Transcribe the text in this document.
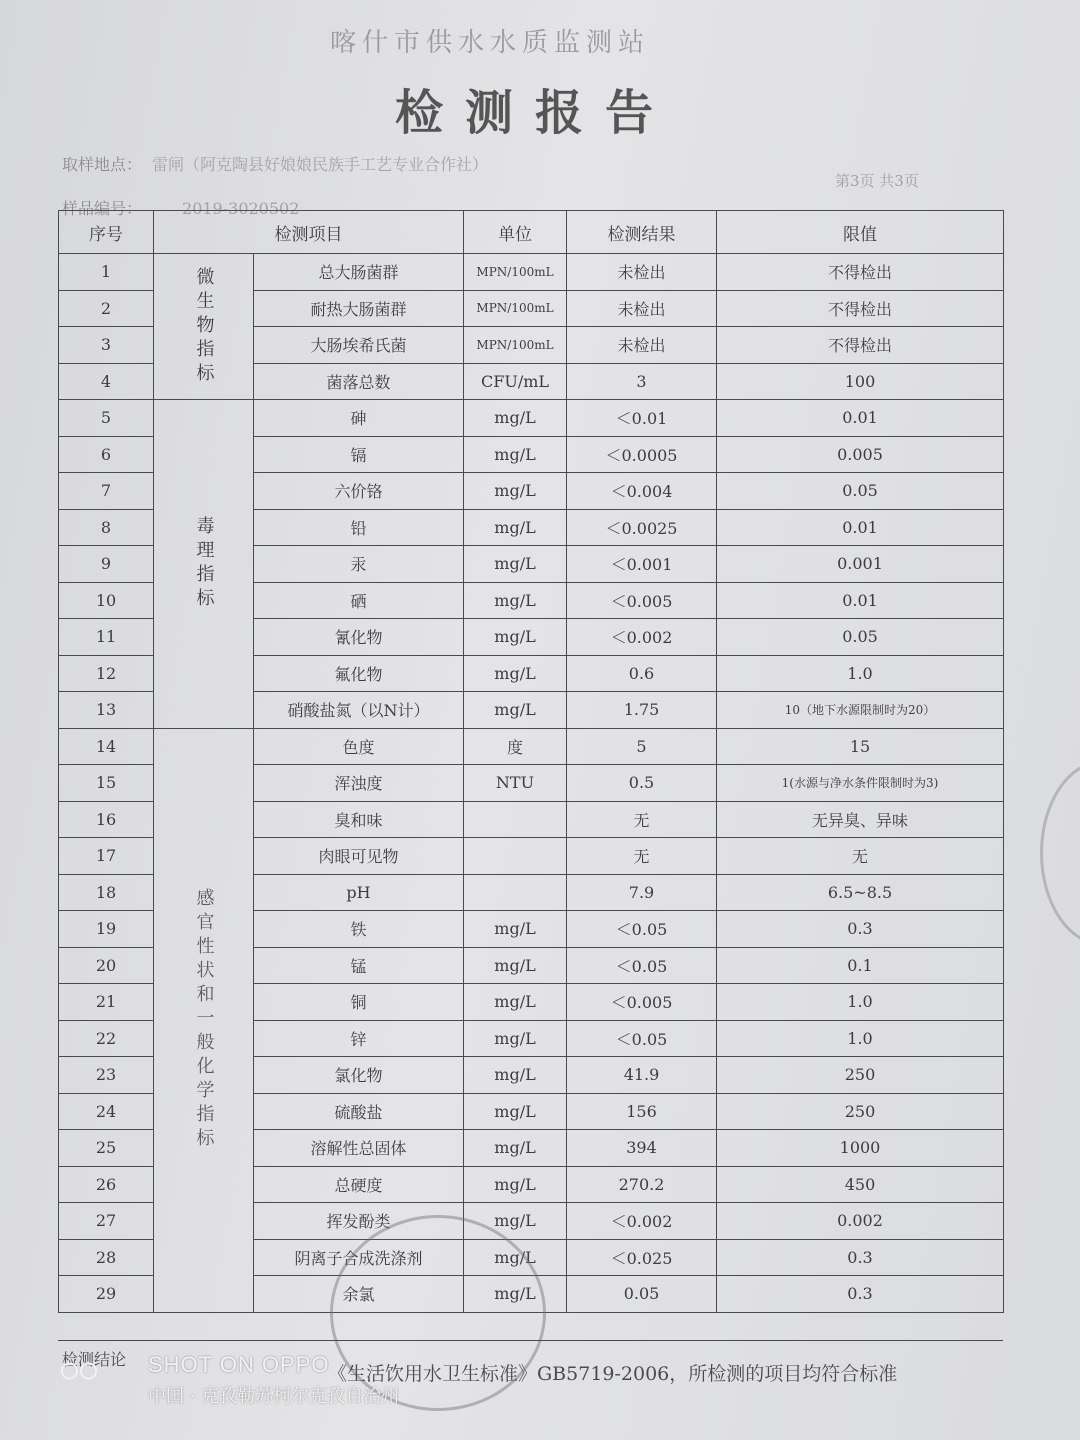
喀什市供水水质监测站
检测报告
取样地点： 雷闸（阿克陶县好娘娘民族手工艺专业合作社）
样品编号：	2019-3020502
第3页 共3页
序号	检测项目		单位	检测结果	限值
1	微生物指标	总大肠菌群	MPN/100mL	未检出	不得检出
2		耐热大肠菌群	MPN/100mL	未检出	不得检出
3		大肠埃希氏菌	MPN/100mL	未检出	不得检出
4		菌落总数	CFU/mL	3	100
5	毒理指标	砷	mg/L	＜0.01	0.01
6		镉	mg/L	＜0.0005	0.005
7		六价铬	mg/L	＜0.004	0.05
8		铅	mg/L	＜0.0025	0.01
9		汞	mg/L	＜0.001	0.001
10		硒	mg/L	＜0.005	0.01
11		氰化物	mg/L	＜0.002	0.05
12		氟化物	mg/L	0.6	1.0
13		硝酸盐氮（以N计）	mg/L	1.75	10（地下水源限制时为20）
14	感官性状和一般化学指标	色度	度	5	15
15		浑浊度	NTU	0.5	1(水源与净水条件限制时为3)
16		臭和味		无	无异臭、异味
17		肉眼可见物		无	无
18		pH		7.9	6.5~8.5
19		铁	mg/L	＜0.05	0.3
20		锰	mg/L	＜0.05	0.1
21		铜	mg/L	＜0.005	1.0
22		锌	mg/L	＜0.05	1.0
23		氯化物	mg/L	41.9	250
24		硫酸盐	mg/L	156	250
25		溶解性总固体	mg/L	394	1000
26		总硬度	mg/L	270.2	450
27		挥发酚类	mg/L	＜0.002	0.002
28		阴离子合成洗涤剂	mg/L	＜0.025	0.3
29		余氯	mg/L	0.05	0.3
检测结论
《生活饮用水卫生标准》GB5719-2006，所检测的项目均符合标准
SHOT ON OPPO
中国 · 克孜勒苏柯尔克孜自治州
